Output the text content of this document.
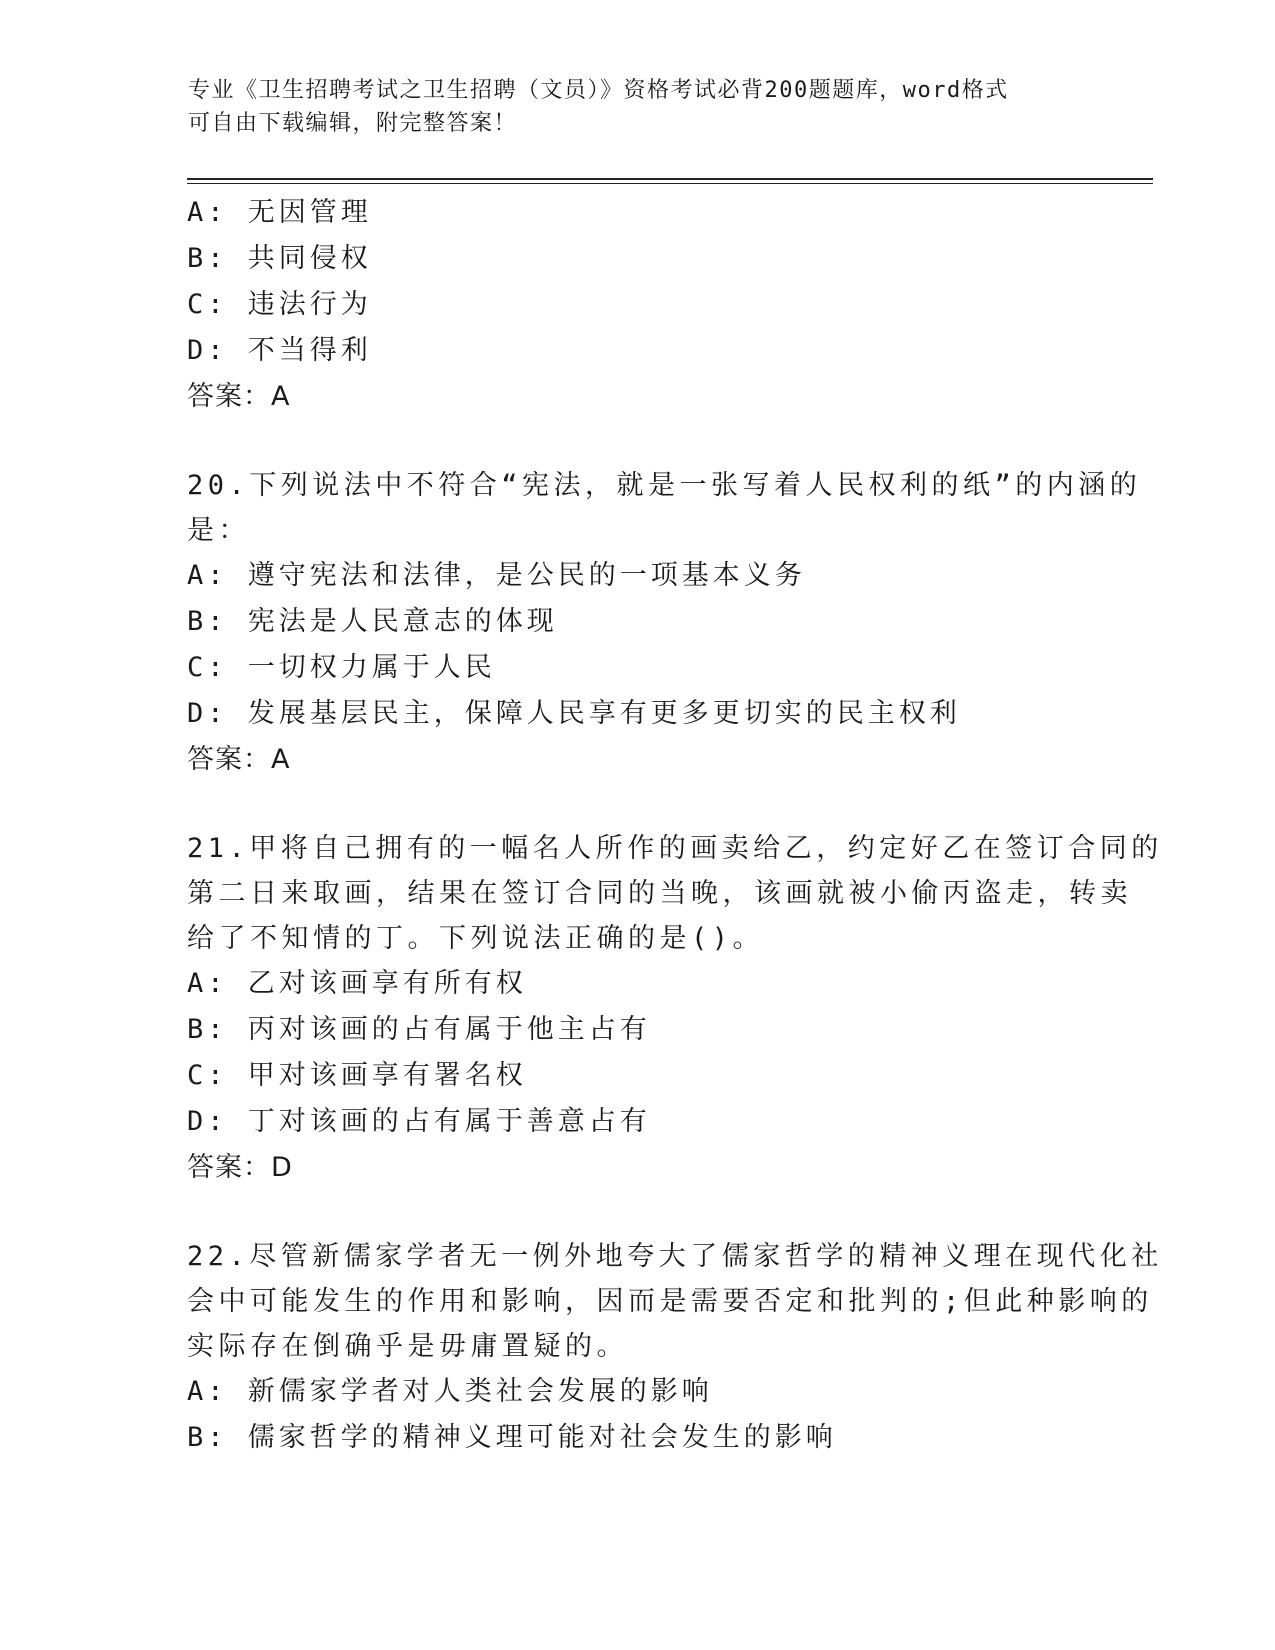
专业《卫生招聘考试之卫生招聘（文员）》资格考试必背200题题库，word格式
可自由下载编辑，附完整答案！
A: 无因管理
B: 共同侵权
C: 违法行为
D: 不当得利
答案：A
20.下列说法中不符合“宪法，就是一张写着人民权利的纸”的内涵的
是：
A: 遵守宪法和法律，是公民的一项基本义务
B: 宪法是人民意志的体现
C: 一切权力属于人民
D: 发展基层民主，保障人民享有更多更切实的民主权利
答案：A
21.甲将自己拥有的一幅名人所作的画卖给乙，约定好乙在签订合同的
第二日来取画，结果在签订合同的当晚，该画就被小偷丙盗走，转卖
给了不知情的丁。下列说法正确的是()。
A: 乙对该画享有所有权
B: 丙对该画的占有属于他主占有
C: 甲对该画享有署名权
D: 丁对该画的占有属于善意占有
答案：D
22.尽管新儒家学者无一例外地夸大了儒家哲学的精神义理在现代化社
会中可能发生的作用和影响，因而是需要否定和批判的;但此种影响的
实际存在倒确乎是毋庸置疑的。
A: 新儒家学者对人类社会发展的影响
B: 儒家哲学的精神义理可能对社会发生的影响
